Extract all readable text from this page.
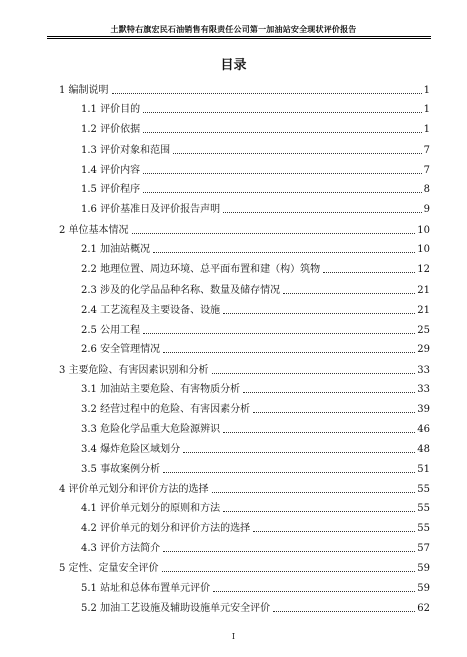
土默特右旗宏民石油销售有限责任公司第一加油站安全现状评价报告
目录
1 编制说明	1
1.1 评价目的	1
1.2 评价依据	1
1.3 评价对象和范围	7
1.4 评价内容	7
1.5 评价程序	8
1.6 评价基准日及评价报告声明	9
2 单位基本情况	10
2.1 加油站概况	10
2.2 地理位置、周边环境、总平面布置和建（构）筑物	12
2.3 涉及的化学品品种名称、数量及储存情况	21
2.4 工艺流程及主要设备、设施	21
2.5 公用工程	25
2.6 安全管理情况	29
3 主要危险、有害因素识别和分析	33
3.1 加油站主要危险、有害物质分析	33
3.2 经营过程中的危险、有害因素分析	39
3.3 危险化学品重大危险源辨识	46
3.4 爆炸危险区域划分	48
3.5 事故案例分析	51
4 评价单元划分和评价方法的选择	55
4.1 评价单元划分的原则和方法	55
4.2 评价单元的划分和评价方法的选择	55
4.3 评价方法简介	57
5 定性、定量安全评价	59
5.1 站址和总体布置单元评价	59
5.2 加油工艺设施及辅助设施单元安全评价	62
I
